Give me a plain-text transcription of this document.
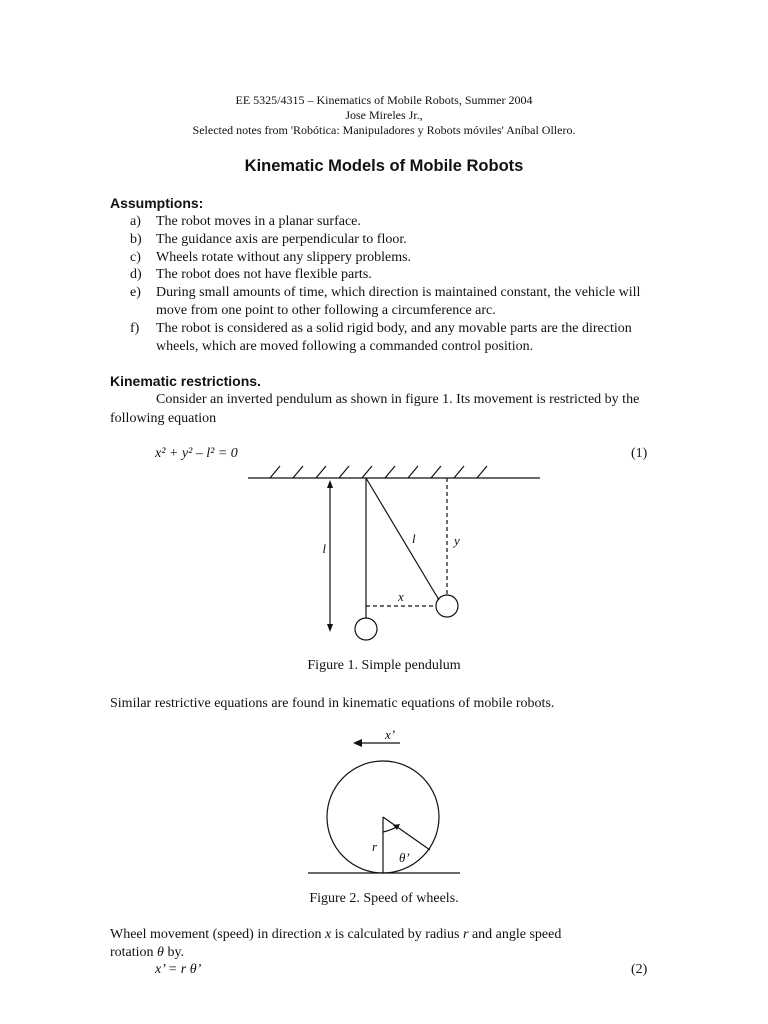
EE 5325/4315 – Kinematics of Mobile Robots, Summer 2004
Jose Mireles Jr.,
Selected notes from 'Robótica: Manipuladores y Robots móviles' Aníbal Ollero.
Kinematic Models of Mobile Robots
Assumptions:
a) The robot moves in a planar surface.
b) The guidance axis are perpendicular to floor.
c) Wheels rotate without any slippery problems.
d) The robot does not have flexible parts.
e) During small amounts of time, which direction is maintained constant, the vehicle will move from one point to other following a circumference arc.
f) The robot is considered as a solid rigid body, and any movable parts are the direction wheels, which are moved following a commanded control position.
Kinematic restrictions.
Consider an inverted pendulum as shown in figure 1. Its movement is restricted by the following equation
x² + y² – l² = 0	(1)
l
l	y
x
Figure 1. Simple pendulum
Similar restrictive equations are found in kinematic equations of mobile robots.
x’
r
θ’
Figure 2. Speed of wheels.
Wheel movement (speed) in direction x is calculated by radius r and angle speed
rotation θ by.
x’ = r θ’	(2)
